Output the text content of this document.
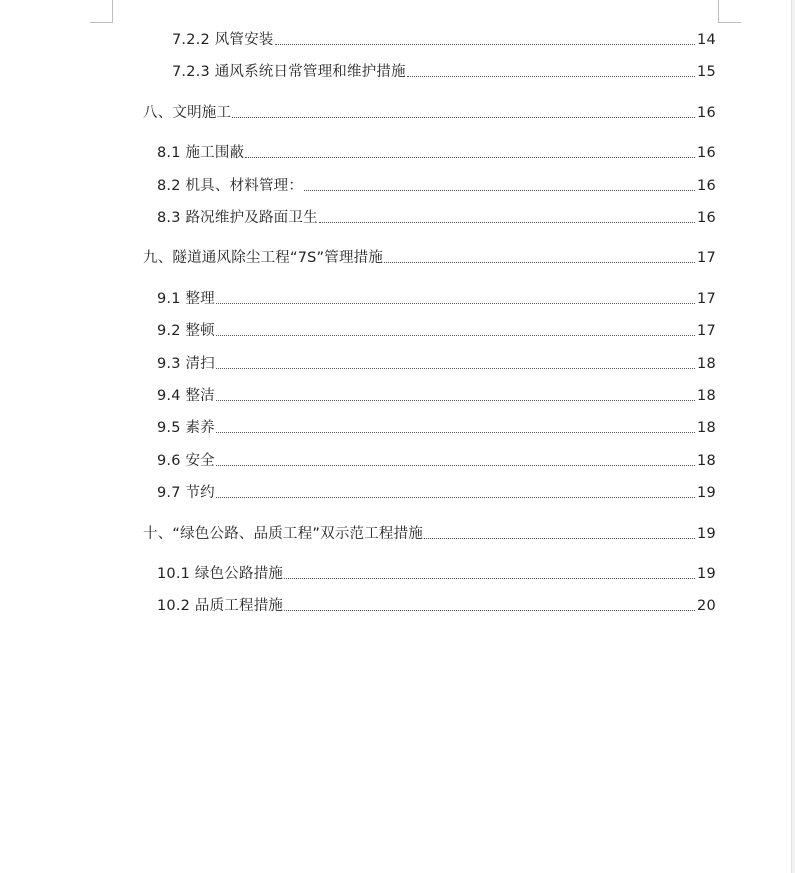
7.2.2 风管安装	14
7.2.3 通风系统日常管理和维护措施	15
八、文明施工	16
8.1 施工围蔽	16
8.2 机具、材料管理：	16
8.3 路况维护及路面卫生	16
九、隧道通风除尘工程“7S”管理措施	17
9.1 整理	17
9.2 整顿	17
9.3 清扫	18
9.4 整洁	18
9.5 素养	18
9.6 安全	18
9.7 节约	19
十、“绿色公路、品质工程”双示范工程措施	19
10.1 绿色公路措施	19
10.2 品质工程措施	20
